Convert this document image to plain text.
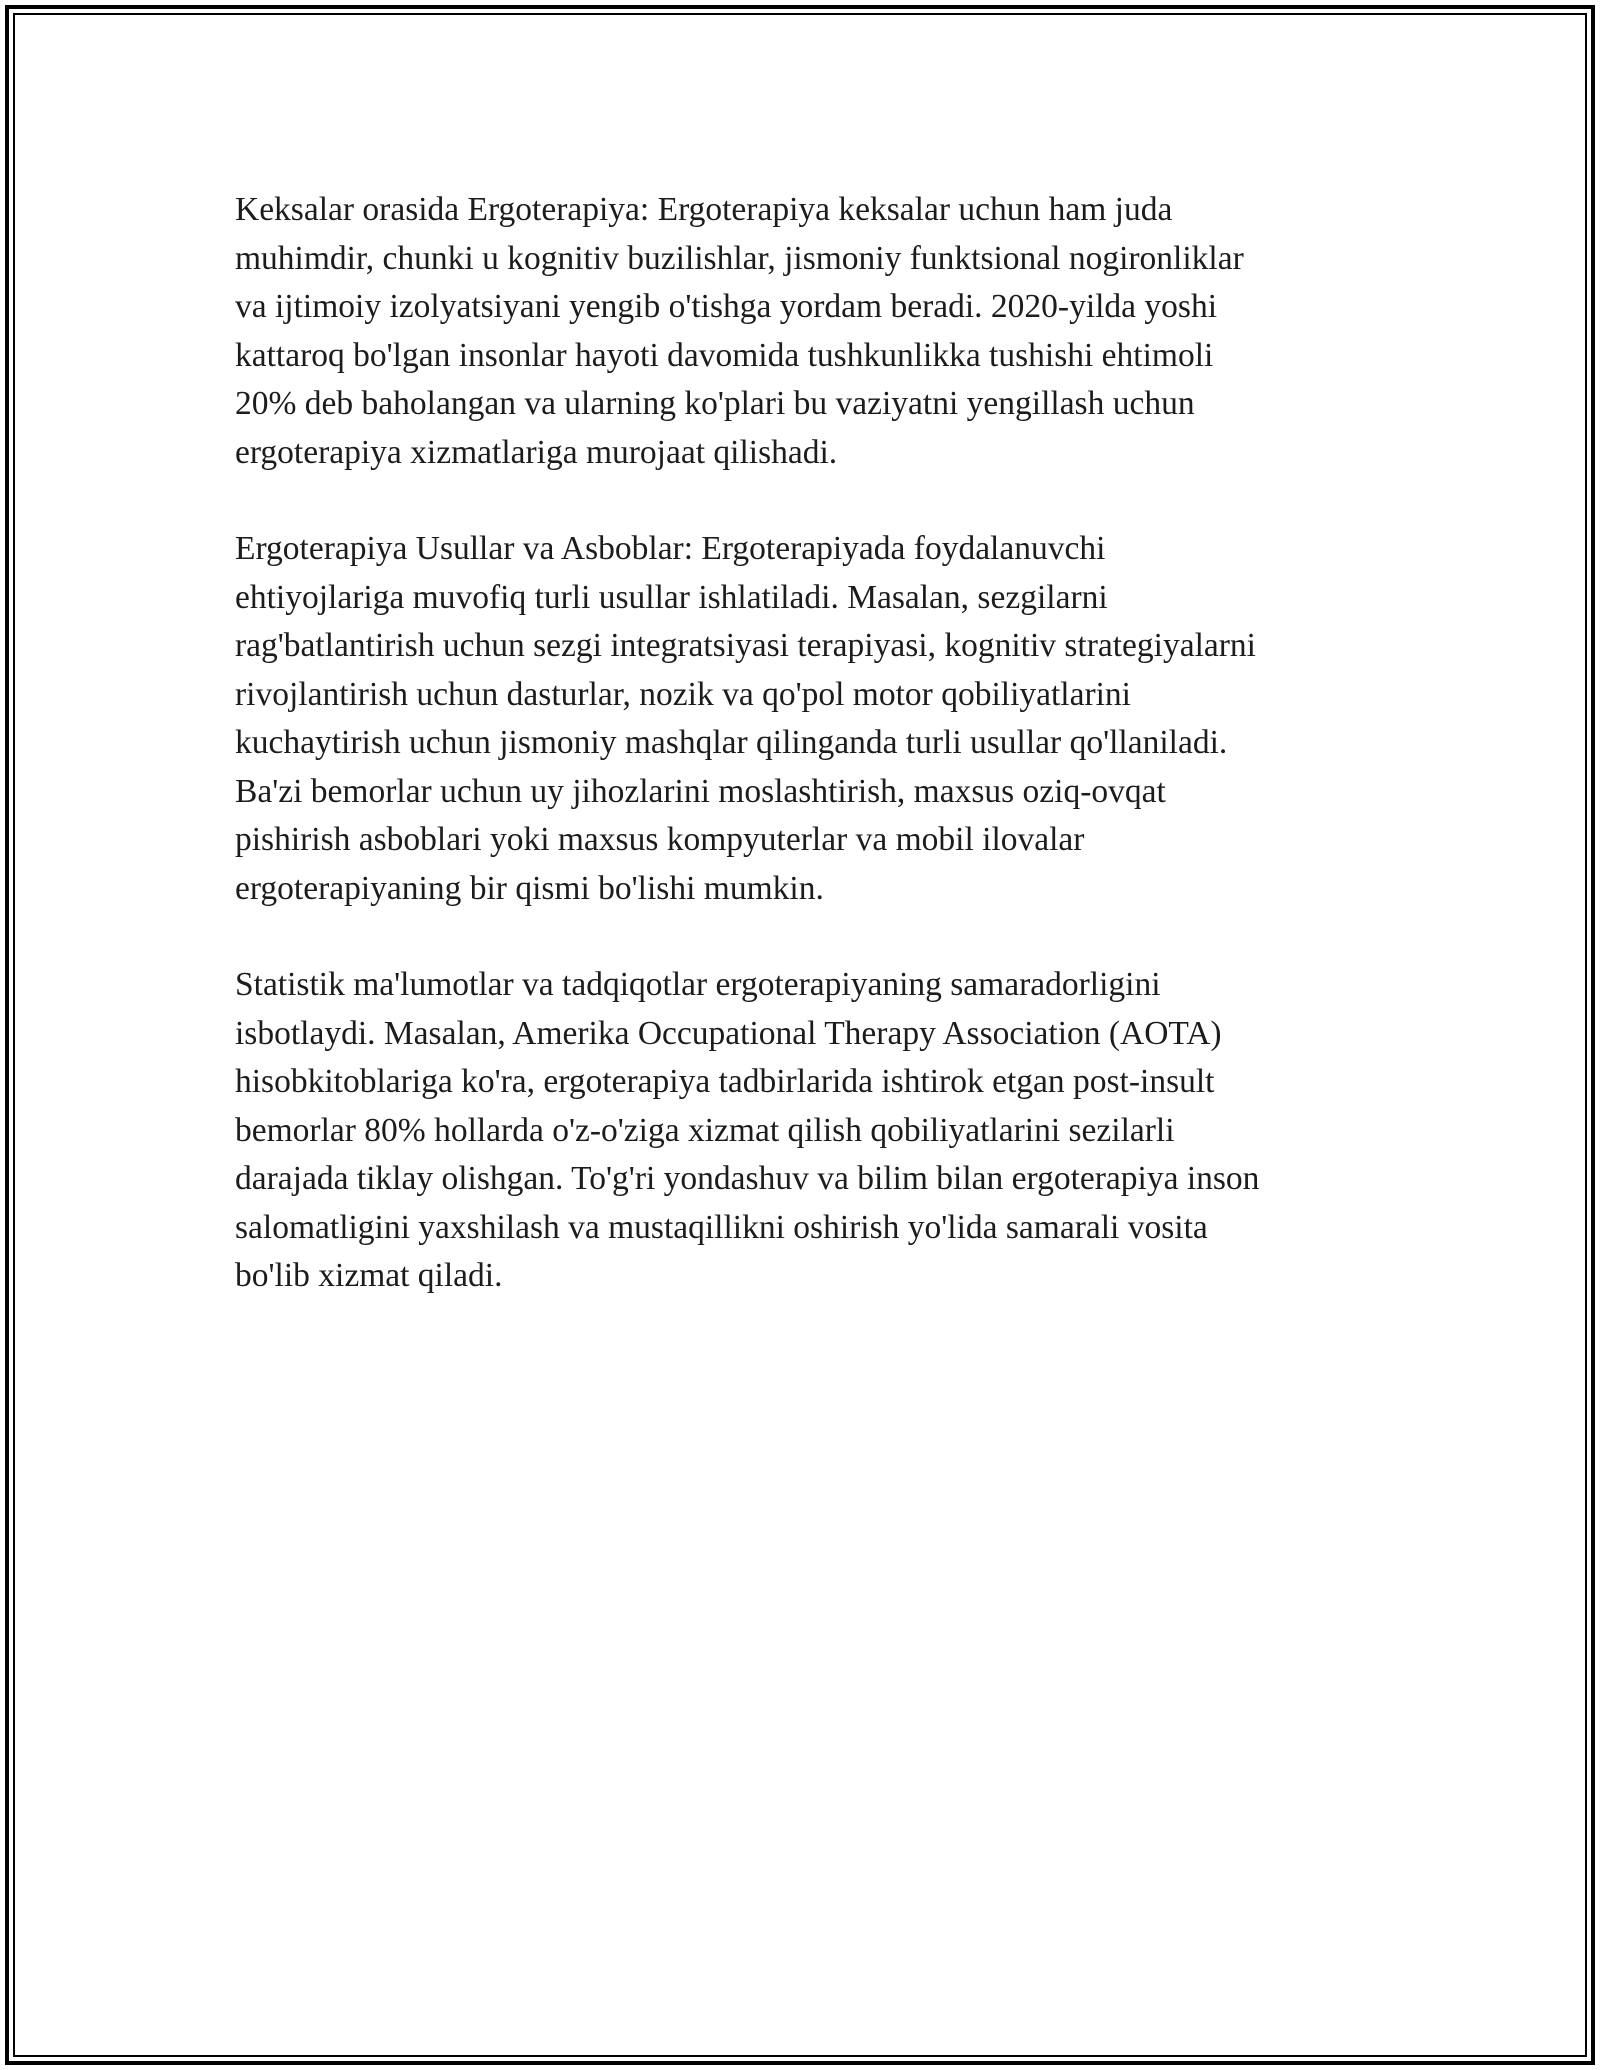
Keksalar orasida Ergoterapiya: Ergoterapiya keksalar uchun ham juda
muhimdir, chunki u kognitiv buzilishlar, jismoniy funktsional nogironliklar
va ijtimoiy izolyatsiyani yengib o'tishga yordam beradi. 2020-yilda yoshi
kattaroq bo'lgan insonlar hayoti davomida tushkunlikka tushishi ehtimoli
20% deb baholangan va ularning ko'plari bu vaziyatni yengillash uchun
ergoterapiya xizmatlariga murojaat qilishadi.

Ergoterapiya Usullar va Asboblar: Ergoterapiyada foydalanuvchi
ehtiyojlariga muvofiq turli usullar ishlatiladi. Masalan, sezgilarni
rag'batlantirish uchun sezgi integratsiyasi terapiyasi, kognitiv strategiyalarni
rivojlantirish uchun dasturlar, nozik va qo'pol motor qobiliyatlarini
kuchaytirish uchun jismoniy mashqlar qilinganda turli usullar qo'llaniladi.
Ba'zi bemorlar uchun uy jihozlarini moslashtirish, maxsus oziq-ovqat
pishirish asboblari yoki maxsus kompyuterlar va mobil ilovalar
ergoterapiyaning bir qismi bo'lishi mumkin.

Statistik ma'lumotlar va tadqiqotlar ergoterapiyaning samaradorligini
isbotlaydi. Masalan, Amerika Occupational Therapy Association (AOTA)
hisobkitoblariga ko'ra, ergoterapiya tadbirlarida ishtirok etgan post-insult
bemorlar 80% hollarda o'z-o'ziga xizmat qilish qobiliyatlarini sezilarli
darajada tiklay olishgan. To'g'ri yondashuv va bilim bilan ergoterapiya inson
salomatligini yaxshilash va mustaqillikni oshirish yo'lida samarali vosita
bo'lib xizmat qiladi.
